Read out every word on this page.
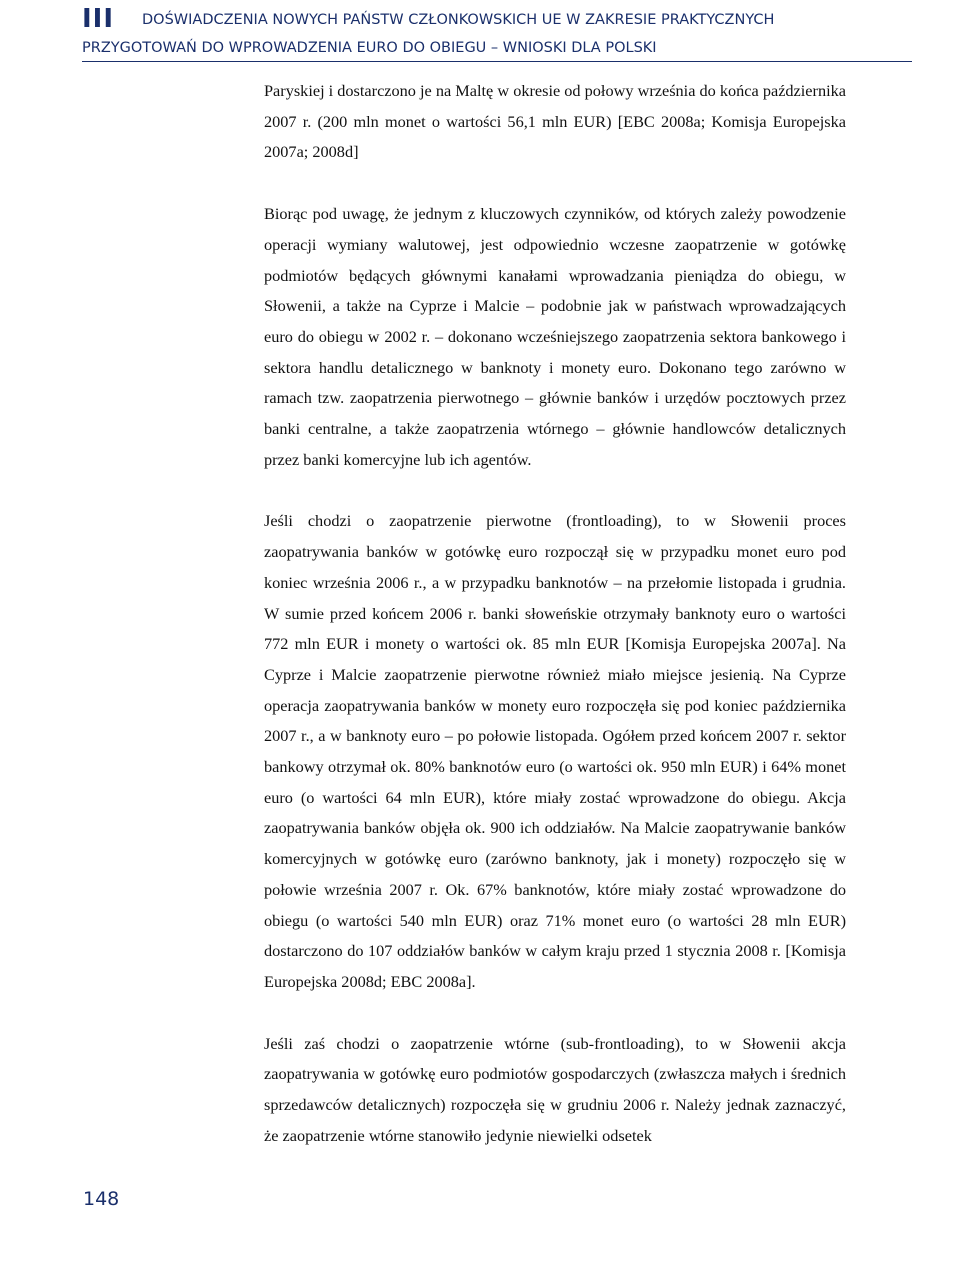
III DOŚWIADCZENIA NOWYCH PAŃSTW CZŁONKOWSKICH UE W ZAKRESIE PRAKTYCZNYCH
PRZYGOTOWAŃ DO WPROWADZENIA EURO DO OBIEGU – WNIOSKI DLA POLSKI

Paryskiej i dostarczono je na Maltę w okresie od połowy września do końca października 2007 r. (200 mln monet o wartości 56,1 mln EUR) [EBC 2008a; Komisja Europejska 2007a; 2008d]

Biorąc pod uwagę, że jednym z kluczowych czynników, od których zależy powodzenie operacji wymiany walutowej, jest odpowiednio wczesne zaopatrzenie w gotówkę podmiotów będących głównymi kanałami wprowadzania pieniądza do obiegu, w Słowenii, a także na Cyprze i Malcie – podobnie jak w państwach wprowadzających euro do obiegu w 2002 r. – dokonano wcześniejszego zaopatrzenia sektora bankowego i sektora handlu detalicznego w banknoty i monety euro. Dokonano tego zarówno w ramach tzw. zaopatrzenia pierwotnego – głównie banków i urzędów pocztowych przez banki centralne, a także zaopatrzenia wtórnego – głównie handlowców detalicznych przez banki komercyjne lub ich agentów.

Jeśli chodzi o zaopatrzenie pierwotne (frontloading), to w Słowenii proces zaopatrywania banków w gotówkę euro rozpoczął się w przypadku monet euro pod koniec września 2006 r., a w przypadku banknotów – na przełomie listopada i grudnia. W sumie przed końcem 2006 r. banki słoweńskie otrzymały banknoty euro o wartości 772 mln EUR i monety o wartości ok. 85 mln EUR [Komisja Europejska 2007a]. Na Cyprze i Malcie zaopatrzenie pierwotne również miało miejsce jesienią. Na Cyprze operacja zaopatrywania banków w monety euro rozpoczęła się pod koniec października 2007 r., a w banknoty euro – po połowie listopada. Ogółem przed końcem 2007 r. sektor bankowy otrzymał ok. 80% banknotów euro (o wartości ok. 950 mln EUR) i 64% monet euro (o wartości 64 mln EUR), które miały zostać wprowadzone do obiegu. Akcja zaopatrywania banków objęła ok. 900 ich oddziałów. Na Malcie zaopatrywanie banków komercyjnych w gotówkę euro (zarówno banknoty, jak i monety) rozpoczęło się w połowie września 2007 r. Ok. 67% banknotów, które miały zostać wprowadzone do obiegu (o wartości 540 mln EUR) oraz 71% monet euro (o wartości 28 mln EUR) dostarczono do 107 oddziałów banków w całym kraju przed 1 stycznia 2008 r. [Komisja Europejska 2008d; EBC 2008a].

Jeśli zaś chodzi o zaopatrzenie wtórne (sub-frontloading), to w Słowenii akcja zaopatrywania w gotówkę euro podmiotów gospodarczych (zwłaszcza małych i średnich sprzedawców detalicznych) rozpoczęła się w grudniu 2006 r. Należy jednak zaznaczyć, że zaopatrzenie wtórne stanowiło jedynie niewielki odsetek

148
